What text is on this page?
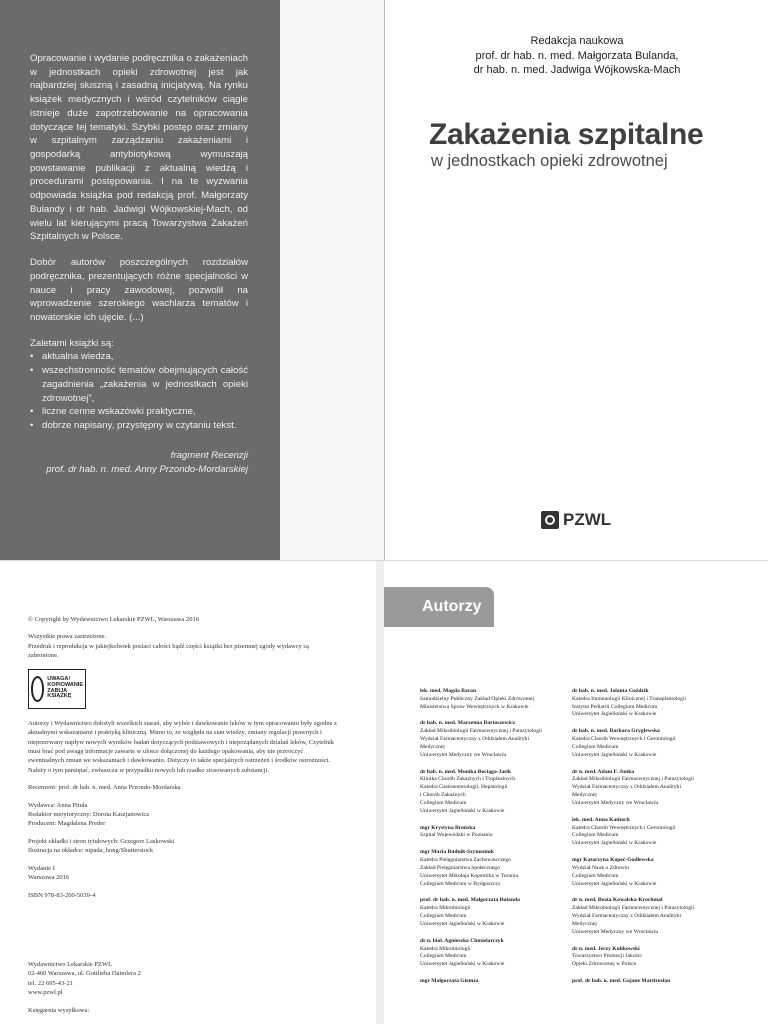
Opracowanie i wydanie podręcznika o zakażeniach w jednostkach opieki zdrowotnej jest jak najbardziej słuszną i zasadną inicjatywą. Na rynku książek medycznych i wśród czytelników ciągle istnieje duże zapotrzebowanie na opracowania dotyczące tej tematyki. Szybki postęp oraz zmiany w szpitalnym zarządzaniu zakażeniami i gospodarką antybiotykową wymuszają powstawanie publikacji z aktualną wiedzą i procedurami postępowania. I na te wyzwania odpowiada książka pod redakcją prof. Małgorzaty Bulandy i dr hab. Jadwigi Wójkowskiej-Mach, od wielu lat kierującymi pracą Towarzystwa Zakażeń Szpitalnych w Polsce.

Dobór autorów poszczególnych rozdziałów podręcznika, prezentujących różne specjalności w nauce i pracy zawodowej, pozwolił na wprowadzenie szerokiego wachlarza tematów i nowatorskie ich ujęcie. (...)

Zaletami książki są:
• aktualna wiedza,
• wszechstronność tematów obejmujących całość zagadnienia „zakażenia w jednostkach opieki zdrowotnej”,
• liczne cenne wskazówki praktyczne,
• dobrze napisany, przystępny w czytaniu tekst.
fragment Recenzji
prof. dr hab. n. med. Anny Przondo-Mordarskiej
Redakcja naukowa
prof. dr hab. n. med. Małgorzata Bulanda,
dr hab. n. med. Jadwiga Wójkowska-Mach
Zakażenia szpitalne
w jednostkach opieki zdrowotnej
PZWL

© Copyright by Wydawnictwo Lekarskie PZWL, Warszawa 2016

Wszystkie prawa zastrzeżone.
Przedruk i reprodukcja w jakiejkolwiek postaci całości bądź części książki bez pisemnej zgody wydawcy są zabronione.

UWAGA!
KOPIOWANIE
ZABIJA
KSIĄŻKĘ

Autorzy i Wydawnictwo dołożyli wszelkich starań, aby wybór i dawkowanie leków w tym opracowaniu były zgodne z aktualnymi wskazaniami i praktyką kliniczną. Mimo to, ze względu na stan wiedzy, zmiany regulacji prawnych i nieprzerwany napływ nowych wyników badań dotyczących podstawowych i niepożądanych działań leków, Czytelnik musi brać pod uwagę informacje zawarte w ulotce dołączonej do każdego opakowania, aby nie przeoczyć ewentualnych zmian we wskazaniach i dawkowaniu. Dotyczy to także specjalnych ostrzeżeń i środków ostrożności. Należy o tym pamiętać, zwłaszcza w przypadku nowych lub rzadko stosowanych substancji.

Recenzent: prof. dr hab. n. med. Anna Przondo-Mordarska

Wydawca: Anna Pituła
Redaktor merytoryczny: Dorota Kaszjanowicz
Producent: Magdalena Preder

Projekt okładki i stron tytułowych: Grzegorz Laskowski
Ilustracja na okładce: nipada_hong/Shutterstock

Wydanie I
Warszawa 2016

ISBN 978-83-200-5039-4

Wydawnictwo Lekarskie PZWL
02-460 Warszawa, ul. Gottlieba Daimlera 2
tel. 22 695-43-21
www.pzwl.pl

Księgarnia wysyłkowa:

Autorzy
lek. med. Magda Baran
Samodzielny Publiczny Zakład Opieki Zdrowotnej
Ministerstwa Spraw Wewnętrznych w Krakowie
dr hab. n. med. Marzenna Bartoszewicz
Zakład Mikrobiologii Farmaceutycznej i Parazytologii
Wydział Farmaceutyczny z Oddziałem Analityki
Medycznej
Uniwersytet Medyczny we Wrocławiu
dr hab. n. med. Monika Bociąga-Jasik
Klinika Chorób Zakaźnych i Tropikalnych
Katedra Gastroenterologii, Hepatologii
i Chorób Zakaźnych
Collegium Medicum
Uniwersytet Jagielloński w Krakowie
mgr Krystyna Brońska
Szpital Wojewódzki w Poznaniu
mgr Maria Budnik-Szymoniuk
Katedra Pielęgniarstwa Zachowawczego
Zakład Pielęgniarstwa Społecznego
Uniwersytet Mikołaja Kopernika w Toruniu
Collegium Medicum w Bydgoszczy
prof. dr hab. n. med. Małgorzata Bulanda
Katedra Mikrobiologii
Collegium Medicum
Uniwersytet Jagielloński w Krakowie
dr n. biol. Agnieszka Chmielarczyk
Katedra Mikrobiologii
Collegium Medicum
Uniwersytet Jagielloński w Krakowie
mgr Małgorzata Giemza
dr hab. n. med. Jolanta Goździk
Katedra Immunologii Klinicznej i Transplantologii
Instytut Pediatrii Collegium Medicum
Uniwersytet Jagielloński w Krakowie
dr hab. n. med. Barbara Gryglewska
Katedra Chorób Wewnętrznych i Gerontologii
Collegium Medicum
Uniwersytet Jagielloński w Krakowie
dr n. med. Adam F. Junka
Zakład Mikrobiologii Farmaceutycznej i Parazytologii
Wydział Farmaceutyczny z Oddziałem Analityki
Medycznej
Uniwersytet Medyczny we Wrocławiu
lek. med. Anna Kańtoch
Katedra Chorób Wewnętrznych i Gerontologii
Collegium Medicum
Uniwersytet Jagielloński w Krakowie
mgr Katarzyna Kopeć-Godlewska
Wydział Nauk o Zdrowiu
Collegium Medicum
Uniwersytet Jagielloński w Krakowie
dr n. med. Beata Kowalska-Krochmal
Zakład Mikrobiologii Farmaceutycznej i Parazytologii
Wydział Farmaceutyczny z Oddziałem Analityki
Medycznej
Uniwersytet Medyczny we Wrocławiu
dr n. med. Jerzy Kulikowski
Towarzystwo Promocji Jakości
Opieki Zdrowotnej w Polsce
prof. dr hab. n. med. Gajane Martirosian
